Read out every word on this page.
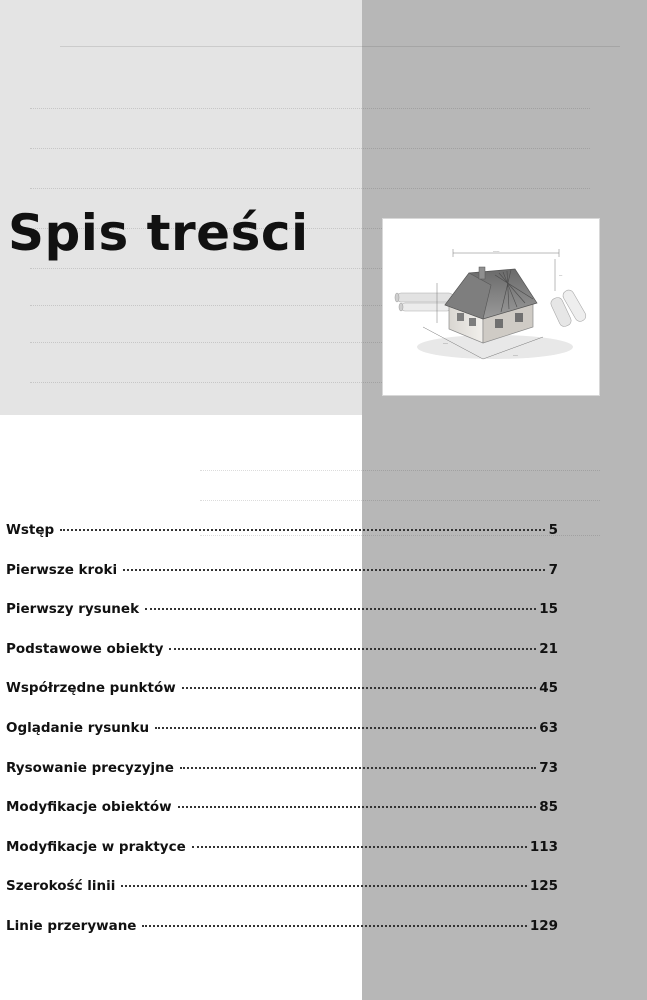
Spis treści	____
___
___
__
Wstęp	5
Pierwsze kroki	7
Pierwszy rysunek	15
Podstawowe obiekty	21
Współrzędne punktów	45
Oglądanie rysunku	63
Rysowanie precyzyjne	73
Modyfikacje obiektów	85
Modyfikacje w praktyce	113
Szerokość linii	125
Linie przerywane	129
